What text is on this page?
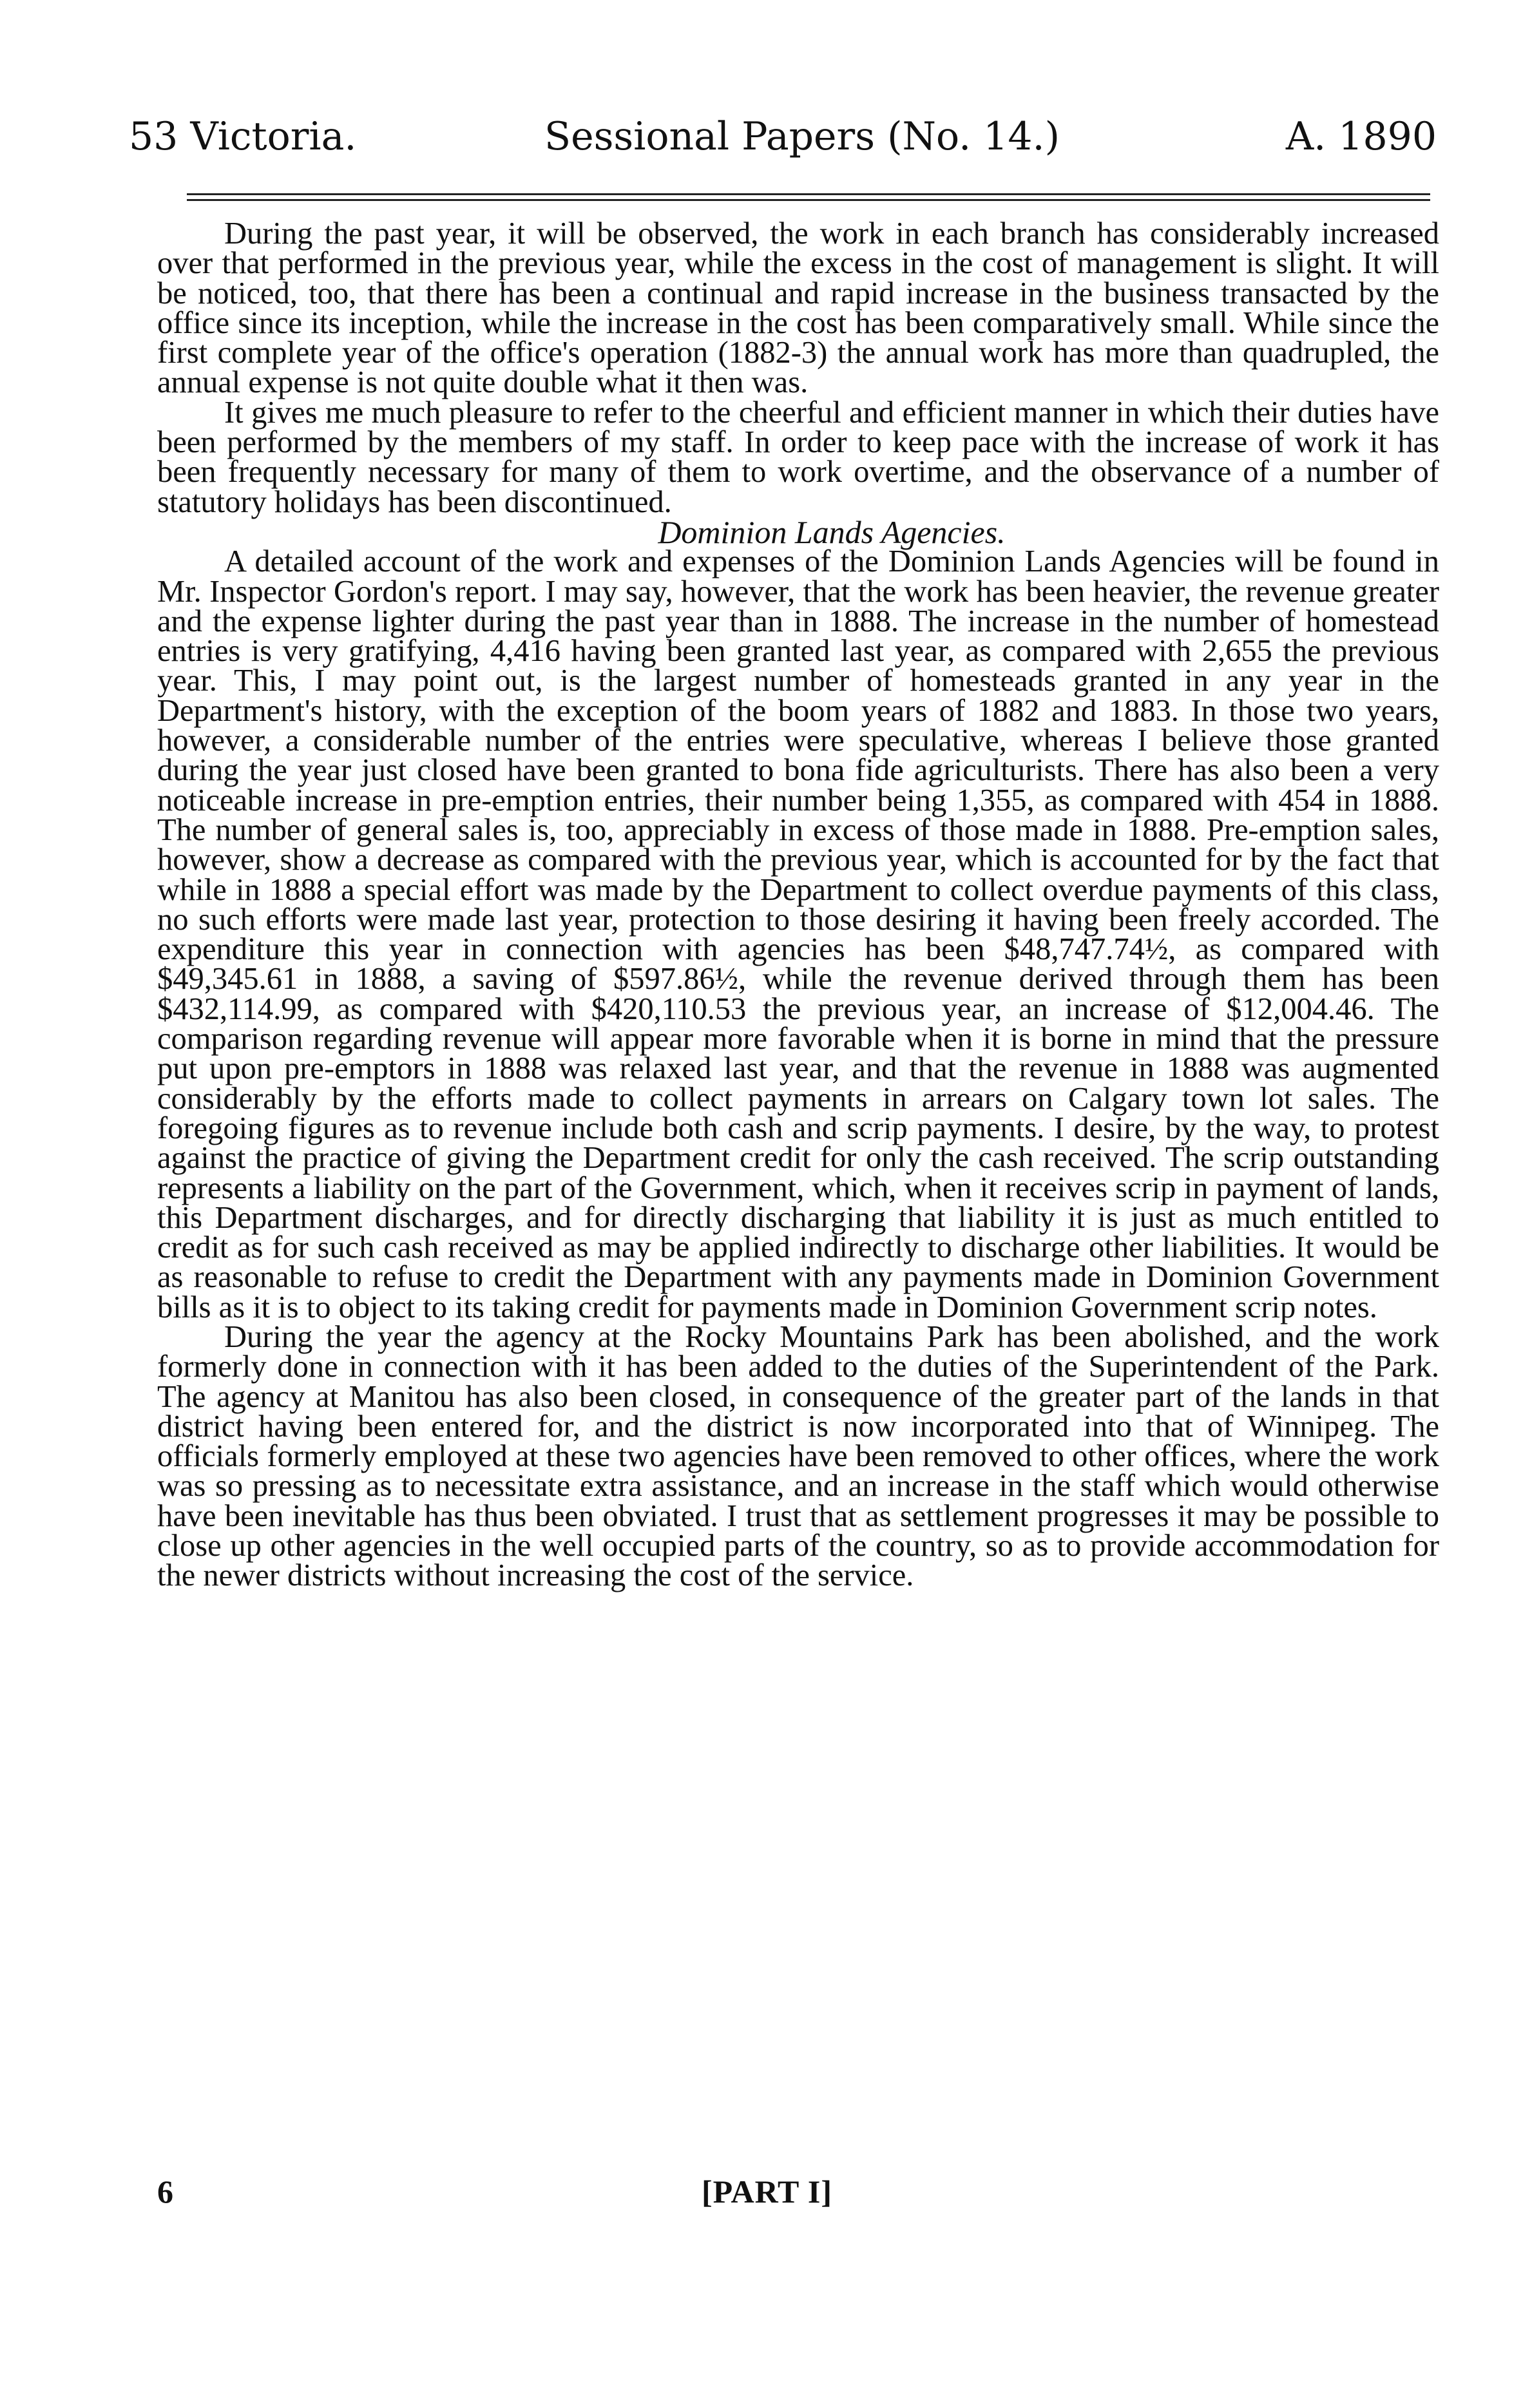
53 Victoria.	Sessional Papers (No. 14.)	A. 1890

During the past year, it will be observed, the work in each branch has considerably increased over that performed in the previous year, while the excess in the cost of management is slight. It will be noticed, too, that there has been a continual and rapid increase in the business transacted by the office since its inception, while the increase in the cost has been comparatively small. While since the first complete year of the office's operation (1882-3) the annual work has more than quadrupled, the annual expense is not quite double what it then was.

It gives me much pleasure to refer to the cheerful and efficient manner in which their duties have been performed by the members of my staff. In order to keep pace with the increase of work it has been frequently necessary for many of them to work overtime, and the observance of a number of statutory holidays has been discontinued.

Dominion Lands Agencies.

A detailed account of the work and expenses of the Dominion Lands Agencies will be found in Mr. Inspector Gordon's report. I may say, however, that the work has been heavier, the revenue greater and the expense lighter during the past year than in 1888. The increase in the number of homestead entries is very gratifying, 4,416 having been granted last year, as compared with 2,655 the previous year. This, I may point out, is the largest number of homesteads granted in any year in the Department's history, with the exception of the boom years of 1882 and 1883. In those two years, however, a considerable number of the entries were speculative, whereas I believe those granted during the year just closed have been granted to bona fide agriculturists. There has also been a very noticeable increase in pre-emption entries, their number being 1,355, as compared with 454 in 1888. The number of general sales is, too, appreciably in excess of those made in 1888. Pre-emption sales, however, show a decrease as compared with the previous year, which is accounted for by the fact that while in 1888 a special effort was made by the Department to collect overdue payments of this class, no such efforts were made last year, protection to those desiring it having been freely accorded. The expenditure this year in connection with agencies has been $48,747.74½, as compared with $49,345.61 in 1888, a saving of $597.86½, while the revenue derived through them has been $432,114.99, as compared with $420,110.53 the previous year, an increase of $12,004.46. The comparison regarding revenue will appear more favorable when it is borne in mind that the pressure put upon pre-emptors in 1888 was relaxed last year, and that the revenue in 1888 was augmented considerably by the efforts made to collect payments in arrears on Calgary town lot sales. The foregoing figures as to revenue include both cash and scrip payments. I desire, by the way, to protest against the practice of giving the Department credit for only the cash received. The scrip outstanding represents a liability on the part of the Government, which, when it receives scrip in payment of lands, this Department discharges, and for directly discharging that liability it is just as much entitled to credit as for such cash received as may be applied indirectly to discharge other liabilities. It would be as reasonable to refuse to credit the Department with any payments made in Dominion Government bills as it is to object to its taking credit for payments made in Dominion Government scrip notes.

During the year the agency at the Rocky Mountains Park has been abolished, and the work formerly done in connection with it has been added to the duties of the Superintendent of the Park. The agency at Manitou has also been closed, in consequence of the greater part of the lands in that district having been entered for, and the district is now incorporated into that of Winnipeg. The officials formerly employed at these two agencies have been removed to other offices, where the work was so pressing as to necessitate extra assistance, and an increase in the staff which would otherwise have been inevitable has thus been obviated. I trust that as settlement progresses it may be possible to close up other agencies in the well occupied parts of the country, so as to provide accommodation for the newer districts without increasing the cost of the service.

6	[PART I]
